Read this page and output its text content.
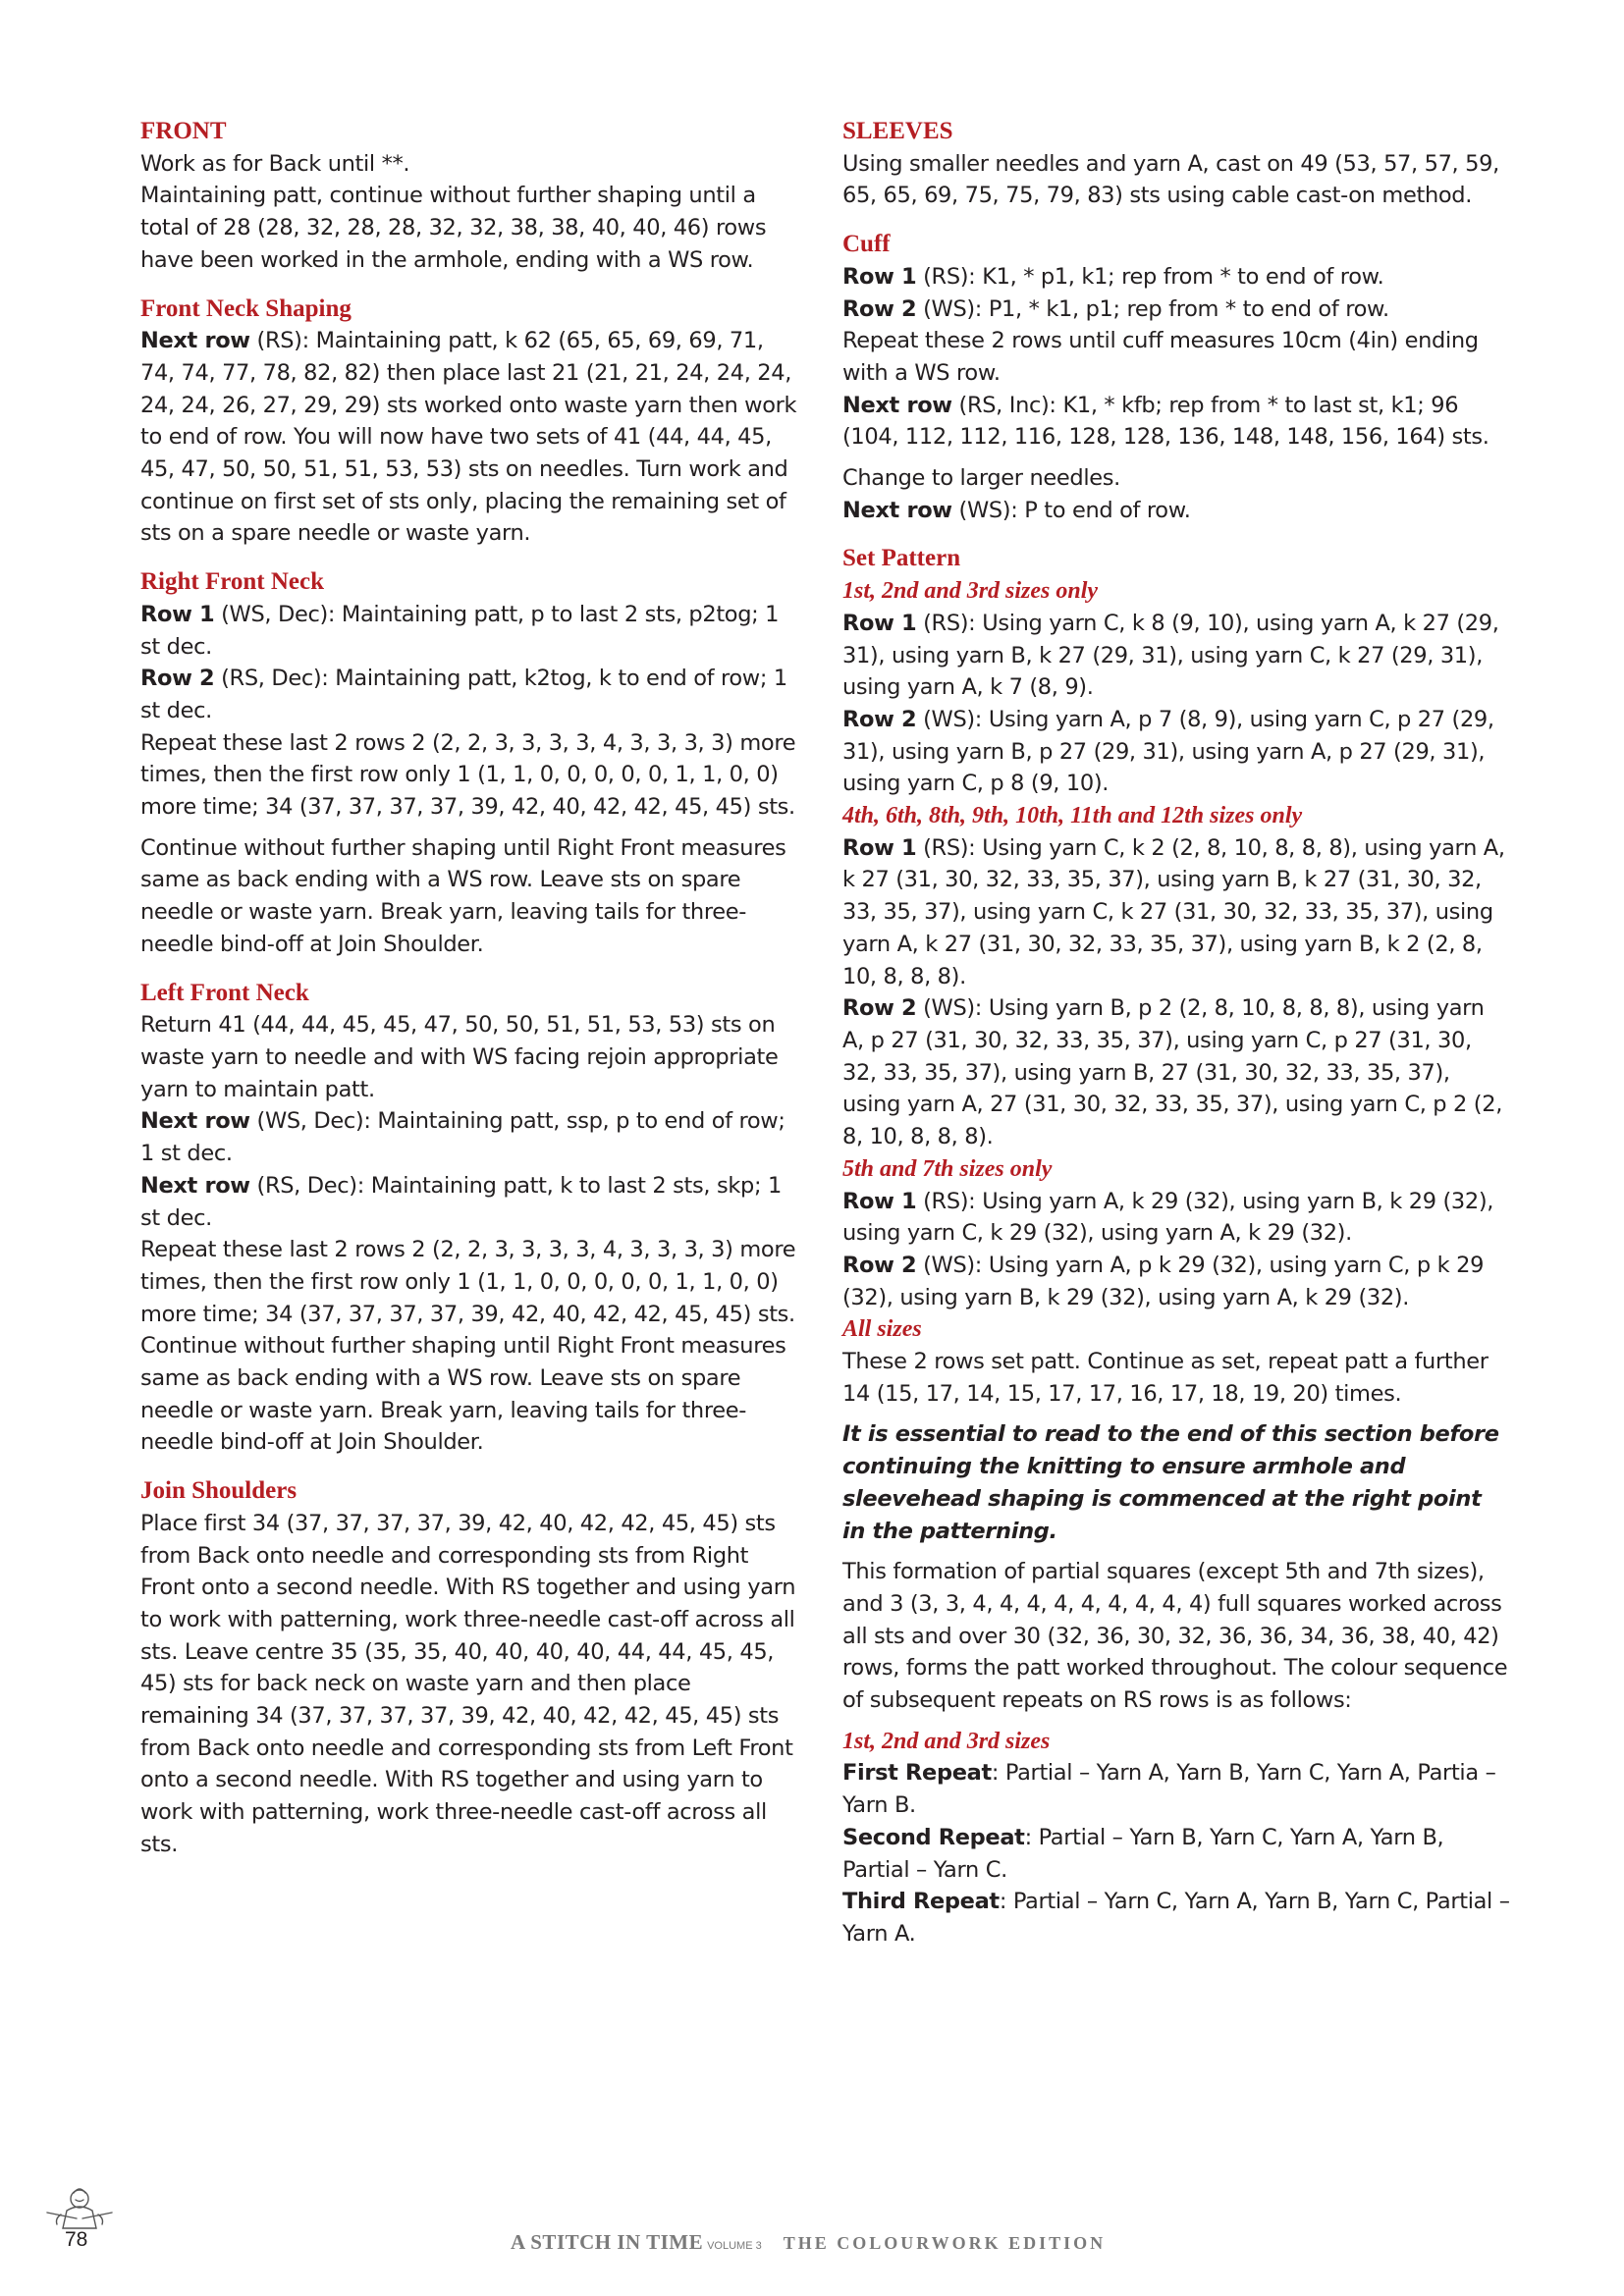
FRONT

Work as for Back until **.

Maintaining patt, continue without further shaping until a total of 28 (28, 32, 28, 28, 32, 32, 38, 38, 40, 40, 46) rows have been worked in the armhole, ending with a WS row.

Front Neck Shaping

Next row (RS): Maintaining patt, k 62 (65, 65, 69, 69, 71, 74, 74, 77, 78, 82, 82) then place last 21 (21, 21, 24, 24, 24, 24, 24, 26, 27, 29, 29) sts worked onto waste yarn then work to end of row. You will now have two sets of 41 (44, 44, 45, 45, 47, 50, 50, 51, 51, 53, 53) sts on needles. Turn work and continue on first set of sts only, placing the remaining set of sts on a spare needle or waste yarn.

Right Front Neck

Row 1 (WS, Dec): Maintaining patt, p to last 2 sts, p2tog; 1 st dec.

Row 2 (RS, Dec): Maintaining patt, k2tog, k to end of row; 1 st dec.

Repeat these last 2 rows 2 (2, 2, 3, 3, 3, 3, 4, 3, 3, 3, 3) more times, then the first row only 1 (1, 1, 0, 0, 0, 0, 0, 1, 1, 0, 0) more time; 34 (37, 37, 37, 37, 39, 42, 40, 42, 42, 45, 45) sts.

Continue without further shaping until Right Front measures same as back ending with a WS row. Leave sts on spare needle or waste yarn. Break yarn, leaving tails for three-needle bind-off at Join Shoulder.

Left Front Neck

Return 41 (44, 44, 45, 45, 47, 50, 50, 51, 51, 53, 53) sts on waste yarn to needle and with WS facing rejoin appropriate yarn to maintain patt.

Next row (WS, Dec): Maintaining patt, ssp, p to end of row; 1 st dec.

Next row (RS, Dec): Maintaining patt, k to last 2 sts, skp; 1 st dec.

Repeat these last 2 rows 2 (2, 2, 3, 3, 3, 3, 4, 3, 3, 3, 3) more times, then the first row only 1 (1, 1, 0, 0, 0, 0, 0, 1, 1, 0, 0) more time; 34 (37, 37, 37, 37, 39, 42, 40, 42, 42, 45, 45) sts.

Continue without further shaping until Right Front measures same as back ending with a WS row. Leave sts on spare needle or waste yarn. Break yarn, leaving tails for three-needle bind-off at Join Shoulder.

Join Shoulders

Place first 34 (37, 37, 37, 37, 39, 42, 40, 42, 42, 45, 45) sts from Back onto needle and corresponding sts from Right Front onto a second needle. With RS together and using yarn to work with patterning, work three-needle cast-off across all sts. Leave centre 35 (35, 35, 40, 40, 40, 40, 44, 44, 45, 45, 45) sts for back neck on waste yarn and then place remaining 34 (37, 37, 37, 37, 39, 42, 40, 42, 42, 45, 45) sts from Back onto needle and corresponding sts from Left Front onto a second needle. With RS together and using yarn to work with patterning, work three-needle cast-off across all sts.

SLEEVES

Using smaller needles and yarn A, cast on 49 (53, 57, 57, 59, 65, 65, 69, 75, 75, 79, 83) sts using cable cast-on method.

Cuff

Row 1 (RS): K1, * p1, k1; rep from * to end of row.

Row 2 (WS): P1, * k1, p1; rep from * to end of row.

Repeat these 2 rows until cuff measures 10cm (4in) ending with a WS row.

Next row (RS, Inc): K1, * kfb; rep from * to last st, k1; 96 (104, 112, 112, 116, 128, 128, 136, 148, 148, 156, 164) sts.

Change to larger needles.

Next row (WS): P to end of row.

Set Pattern
1st, 2nd and 3rd sizes only

Row 1 (RS): Using yarn C, k 8 (9, 10), using yarn A, k 27 (29, 31), using yarn B, k 27 (29, 31), using yarn C, k 27 (29, 31), using yarn A, k 7 (8, 9).

Row 2 (WS): Using yarn A, p 7 (8, 9), using yarn C, p 27 (29, 31), using yarn B, p 27 (29, 31), using yarn A, p 27 (29, 31), using yarn C, p 8 (9, 10).

4th, 6th, 8th, 9th, 10th, 11th and 12th sizes only

Row 1 (RS): Using yarn C, k 2 (2, 8, 10, 8, 8, 8), using yarn A, k 27 (31, 30, 32, 33, 35, 37), using yarn B, k 27 (31, 30, 32, 33, 35, 37), using yarn C, k 27 (31, 30, 32, 33, 35, 37), using yarn A, k 27 (31, 30, 32, 33, 35, 37), using yarn B, k 2 (2, 8, 10, 8, 8, 8).

Row 2 (WS): Using yarn B, p 2 (2, 8, 10, 8, 8, 8), using yarn A, p 27 (31, 30, 32, 33, 35, 37), using yarn C, p 27 (31, 30, 32, 33, 35, 37), using yarn B, 27 (31, 30, 32, 33, 35, 37), using yarn A, 27 (31, 30, 32, 33, 35, 37), using yarn C, p 2 (2, 8, 10, 8, 8, 8).

5th and 7th sizes only

Row 1 (RS): Using yarn A, k 29 (32), using yarn B, k 29 (32), using yarn C, k 29 (32), using yarn A, k 29 (32).

Row 2 (WS): Using yarn A, p k 29 (32), using yarn C, p k 29 (32), using yarn B, k 29 (32), using yarn A, k 29 (32).

All sizes

These 2 rows set patt. Continue as set, repeat patt a further 14 (15, 17, 14, 15, 17, 17, 16, 17, 18, 19, 20) times.

It is essential to read to the end of this section before continuing the knitting to ensure armhole and sleevehead shaping is commenced at the right point in the patterning.

This formation of partial squares (except 5th and 7th sizes), and 3 (3, 3, 4, 4, 4, 4, 4, 4, 4, 4, 4) full squares worked across all sts and over 30 (32, 36, 30, 32, 36, 36, 34, 36, 38, 40, 42) rows, forms the patt worked throughout. The colour sequence of subsequent repeats on RS rows is as follows:

1st, 2nd and 3rd sizes

First Repeat: Partial – Yarn A, Yarn B, Yarn C, Yarn A, Partia – Yarn B.

Second Repeat: Partial – Yarn B, Yarn C, Yarn A, Yarn B, Partial – Yarn C.

Third Repeat: Partial – Yarn C, Yarn A, Yarn B, Yarn C, Partial – Yarn A.

78	A STITCH IN TIME VOLUME 3 THE COLOURWORK EDITION
